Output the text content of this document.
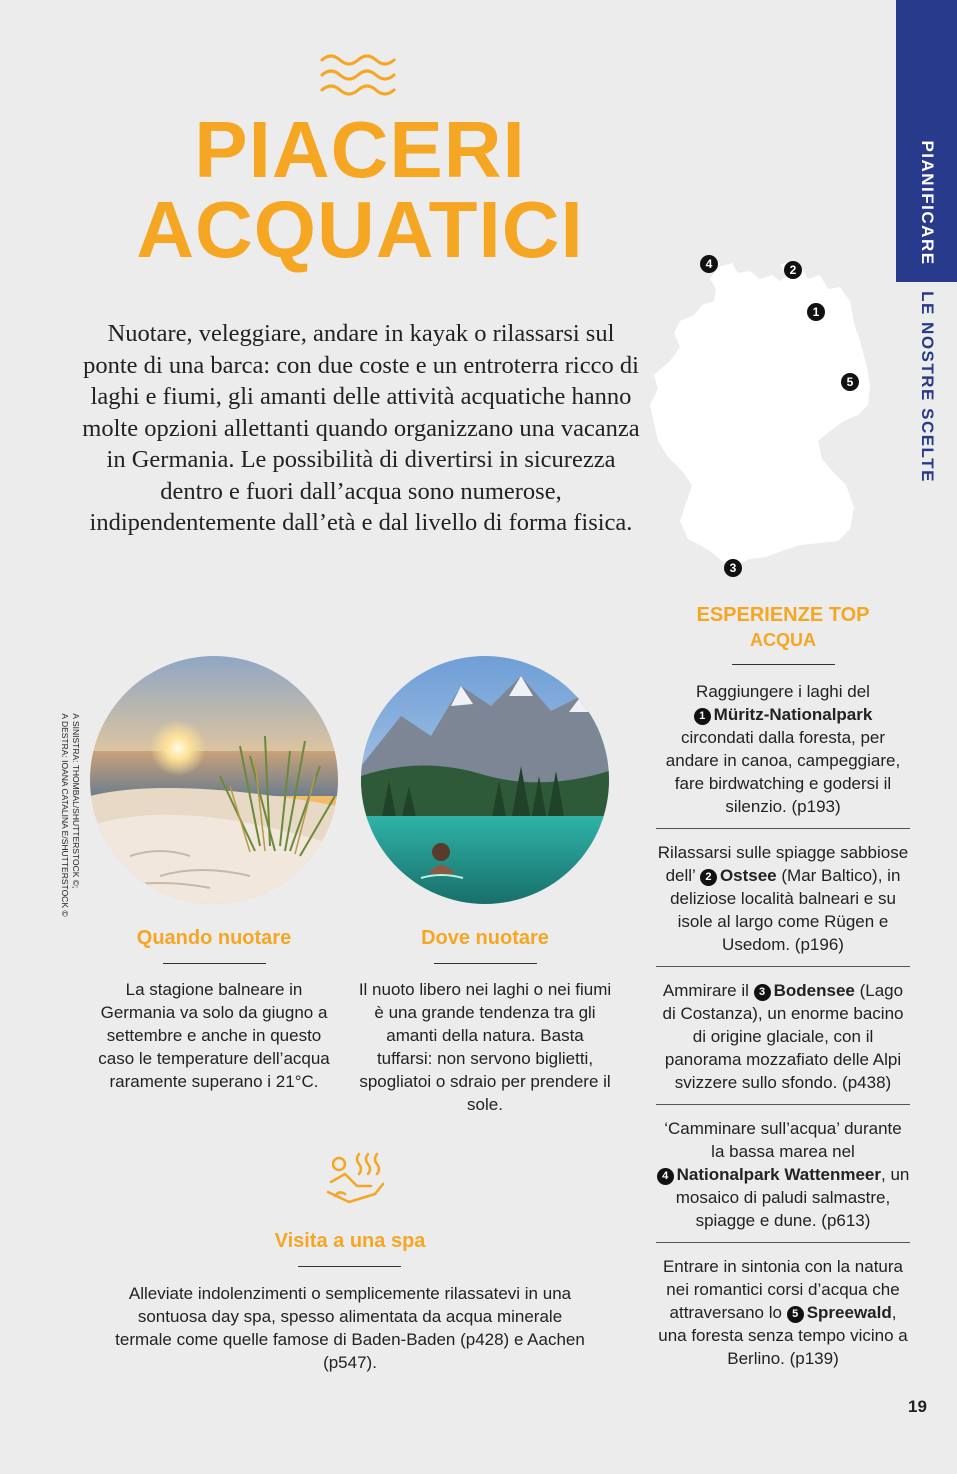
PIANIFICARE
LE NOSTRE SCELTE
PIACERI
ACQUATICI
Nuotare, veleggiare, andare in kayak o rilassarsi sul ponte di una barca: con due coste e un entroterra ricco di laghi e fiumi, gli amanti delle attività acquatiche hanno molte opzioni allettanti quando organizzano una vacanza in Germania. Le possibilità di divertirsi in sicurezza dentro e fuori dall’acqua sono numerose, indipendentemente dall’età e dal livello di forma fisica.
4	2
1
5
3
ESPERIENZE TOP
ACQUA
Raggiungere i laghi del
1 Müritz-Nationalpark
circondati dalla foresta, per andare in canoa, campeggiare, fare birdwatching e godersi il silenzio. (p193)
Rilassarsi sulle spiagge sabbiose dell’ 2 Ostsee (Mar Baltico), in deliziose località balneari e su isole al largo come Rügen e Usedom. (p196)
Ammirare il 3 Bodensee (Lago di Costanza), un enorme bacino di origine glaciale, con il panorama mozzafiato delle Alpi svizzere sullo sfondo. (p438)
‘Camminare sull’acqua’ durante la bassa marea nel
4 Nationalpark Wattenmeer, un mosaico di paludi salmastre, spiagge e dune. (p613)
Entrare in sintonia con la natura nei romantici corsi d’acqua che attraversano lo 5 Spreewald, una foresta senza tempo vicino a Berlino. (p139)
A SINISTRA: THOMBAL/SHUTTERSTOCK ©;
A DESTRA: IOANA CATALINA E/SHUTTERSTOCK ©
Quando nuotare
La stagione balneare in Germania va solo da giugno a settembre e anche in questo caso le temperature dell’acqua raramente superano i 21°C.
Dove nuotare
Il nuoto libero nei laghi o nei fiumi è una grande tendenza tra gli amanti della natura. Basta tuffarsi: non servono biglietti, spogliatoi o sdraio per prendere il sole.
Visita a una spa
Alleviate indolenzimenti o semplicemente rilassatevi in una sontuosa day spa, spesso alimentata da acqua minerale termale come quelle famose di Baden-Baden (p428) e Aachen (p547).
19
